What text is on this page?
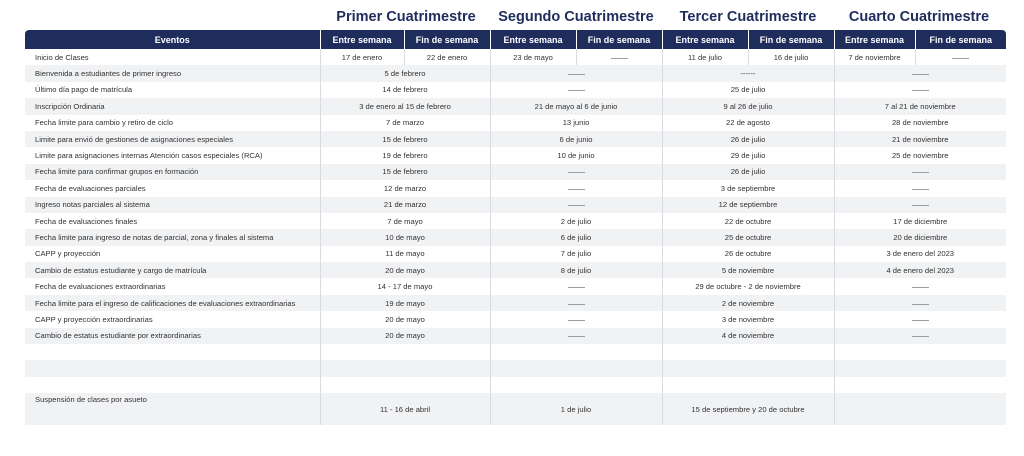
Primer Cuatrimestre	Segundo Cuatrimestre	Tercer Cuatrimestre	Cuarto Cuatrimestre
Eventos	Entre semana	Fin de semana	Entre semana	Fin de semana	Entre semana	Fin de semana	Entre semana	Fin de semana
Inicio de Clases	17 de enero	22 de enero	23 de mayo		11 de julio	16 de julio	7 de noviembre	
Bienvenida a estudiantes de primer ingreso	5 de febrero				------			
Último día pago de matrícula	14 de febrero				25 de julio			
Inscripción Ordinaria	3 de enero al 15 de febrero		21 de mayo al 6 de junio		9 al 26 de julio		7 al 21 de noviembre	
Fecha limite para cambio y retiro de ciclo	7 de marzo		13 junio		22 de agosto		28 de noviembre	
Limite para envió de gestiones de asignaciones especiales	15 de febrero		6 de junio		26 de julio		21 de noviembre	
Limite para asignaciones internas Atención casos especiales (RCA)	19 de febrero		10 de junio		29 de julio		25 de noviembre	
Fecha limite para confirmar grupos en formación	15 de febrero				26 de julio			
Fecha de evaluaciones parciales	12 de marzo				3 de septiembre			
Ingreso notas parciales al sistema	21 de marzo				12 de septiembre			
Fecha de evaluaciones finales	7 de mayo		2 de julio		22 de octubre		17 de diciembre	
Fecha limite para ingreso de notas de parcial, zona y finales al sistema	10 de mayo		6 de julio		25 de octubre		20 de diciembre	
CAPP y proyección	11 de mayo		7 de julio		26 de octubre		3 de enero del 2023	
Cambio de estatus estudiante y cargo de matrícula	20 de mayo		8 de julio		5 de noviembre		4 de enero del 2023	
Fecha de evaluaciones extraordinarias	14 - 17 de mayo				29 de octubre - 2 de noviembre			
Fecha limite para el ingreso de calificaciones de evaluaciones extraordinarias	19 de mayo				2 de noviembre			
CAPP y proyección extraordinarias	20 de mayo				3 de noviembre			
Cambio de estatus estudiante por extraordinarias	20 de mayo				4 de noviembre			

Suspensión de clases por asueto	11 - 16 de abril		1 de julio		15 de septiembre y 20 de octubre			
